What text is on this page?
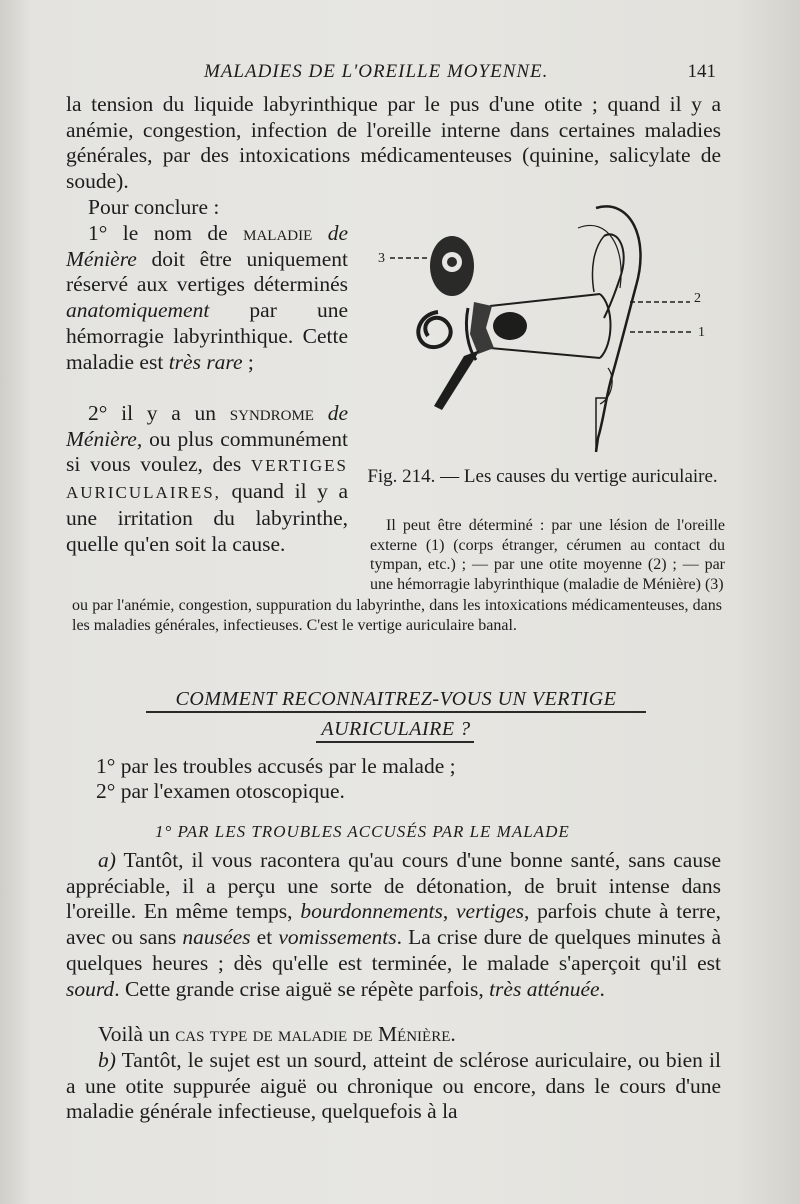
MALADIES DE L'OREILLE MOYENNE.	141

la tension du liquide labyrinthique par le pus d'une otite ; quand il y a anémie, congestion, infection de l'oreille interne dans certaines maladies générales, par des intoxications médicamenteuses (quinine, salicylate de soude).

Pour conclure :

1° le nom de maladie de Ménière doit être uniquement réservé aux vertiges déterminés anatomiquement par une hémorragie labyrinthique. Cette maladie est très rare ;

2° il y a un syndrome de Ménière, ou plus communément si vous voulez, des VERTIGES AURICULAIRES, quand il y a une irritation du labyrinthe, quelle qu'en soit la cause.

3
2
1

Fig. 214. — Les causes du vertige auriculaire.

Il peut être déterminé : par une lésion de l'oreille externe (1) (corps étranger, cérumen au contact du tympan, etc.) ; — par une otite moyenne (2) ; — par une hémorragie labyrinthique (maladie de Ménière) (3)

ou par l'anémie, congestion, suppuration du labyrinthe, dans les intoxications médicamenteuses, dans les maladies générales, infectieuses. C'est le vertige auriculaire banal.

COMMENT RECONNAITREZ-VOUS UN VERTIGE
AURICULAIRE ?

1° par les troubles accusés par le malade ;

2° par l'examen otoscopique.

1° PAR LES TROUBLES ACCUSÉS PAR LE MALADE

a) Tantôt, il vous racontera qu'au cours d'une bonne santé, sans cause appréciable, il a perçu une sorte de détonation, de bruit intense dans l'oreille. En même temps, bourdonnements, vertiges, parfois chute à terre, avec ou sans nausées et vomissements. La crise dure de quelques minutes à quelques heures ; dès qu'elle est terminée, le malade s'aperçoit qu'il est sourd. Cette grande crise aiguë se répète parfois, très atténuée.

Voilà un cas type de maladie de Ménière.

b) Tantôt, le sujet est un sourd, atteint de sclérose auriculaire, ou bien il a une otite suppurée aiguë ou chronique ou encore, dans le cours d'une maladie générale infectieuse, quelquefois à la
